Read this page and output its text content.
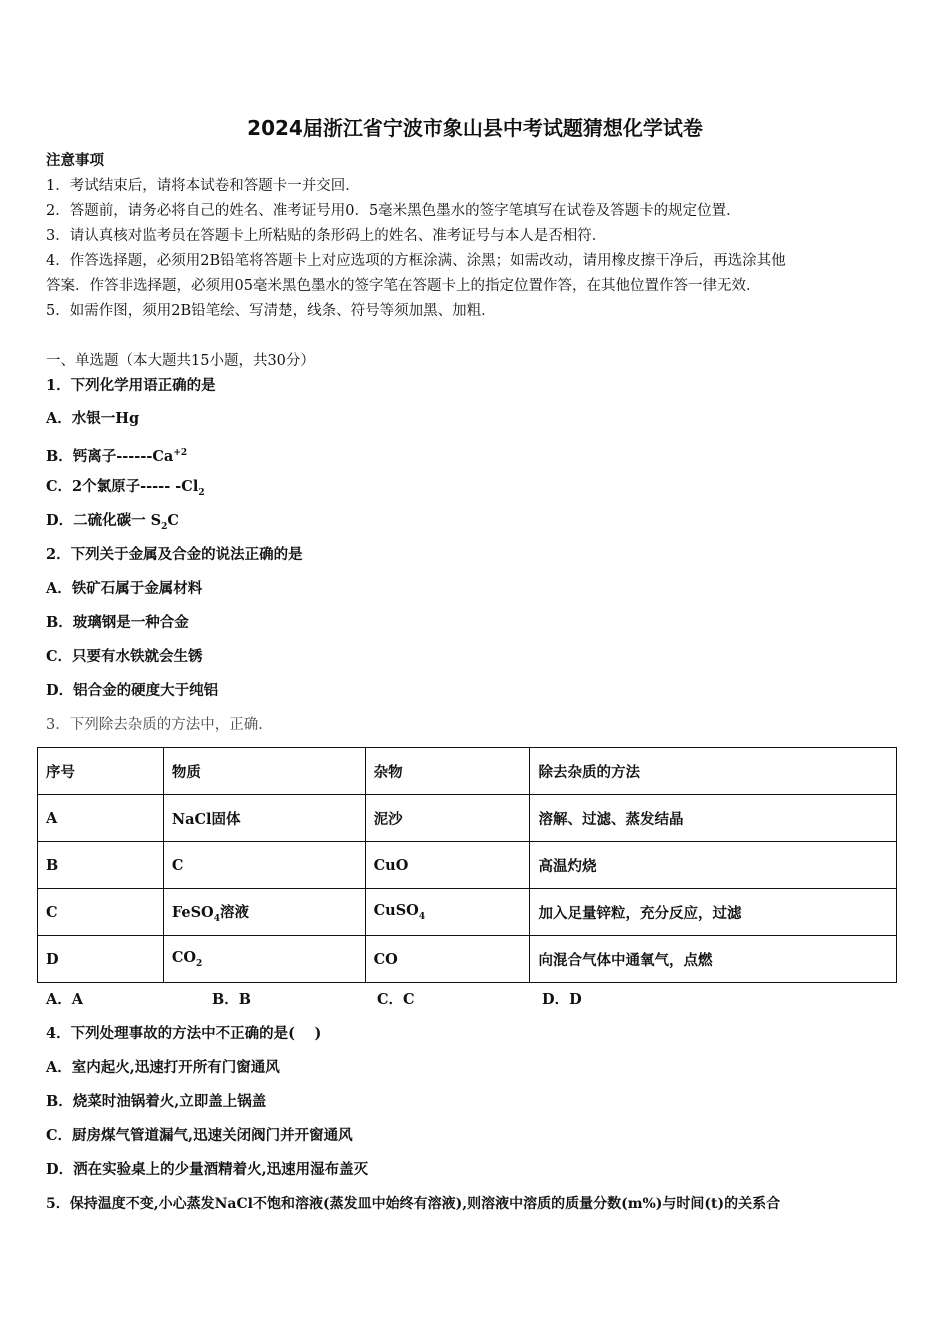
2024届浙江省宁波市象山县中考试题猜想化学试卷
注意事项
1．考试结束后，请将本试卷和答题卡一并交回．
2．答题前，请务必将自己的姓名、准考证号用0．5毫米黑色墨水的签字笔填写在试卷及答题卡的规定位置．
3．请认真核对监考员在答题卡上所粘贴的条形码上的姓名、准考证号与本人是否相符．
4．作答选择题，必须用2B铅笔将答题卡上对应选项的方框涂满、涂黑；如需改动，请用橡皮擦干净后，再选涂其他
答案．作答非选择题，必须用05毫米黑色墨水的签字笔在答题卡上的指定位置作答，在其他位置作答一律无效．
5．如需作图，须用2B铅笔绘、写清楚，线条、符号等须加黑、加粗．
一、单选题（本大题共15小题，共30分）
1．下列化学用语正确的是
A．水银一Hg
B．钙离子$------Ca^{+2}$
C．2个氯原子----- $-Cl_2$
D．二硫化碳一 $S_2C$
2．下列关于金属及合金的说法正确的是
A．铁矿石属于金属材料
B．玻璃钢是一种合金
C．只要有水铁就会生锈
D．铝合金的硬度大于纯铝
3．下列除去杂质的方法中，正确.
序号	物质	杂物	除去杂质的方法
A	NaCl固体	泥沙	溶解、过滤、蒸发结晶
B	C	CuO	高温灼烧
C	FeSO$_4$溶液	CuSO$_4$	加入足量锌粒，充分反应，过滤
D	$CO_2$	CO	向混合气体中通氧气，点燃
A．A	B．B	C．C	D．D
4．下列处理事故的方法中不正确的是(　 )
A．室内起火,迅速打开所有门窗通风
B．烧菜时油锅着火,立即盖上锅盖
C．厨房煤气管道漏气,迅速关闭阀门并开窗通风
D．洒在实验桌上的少量酒精着火,迅速用湿布盖灭
5．保持温度不变,小心蒸发NaCl不饱和溶液(蒸发皿中始终有溶液),则溶液中溶质的质量分数(m%)与时间(t)的关系合
